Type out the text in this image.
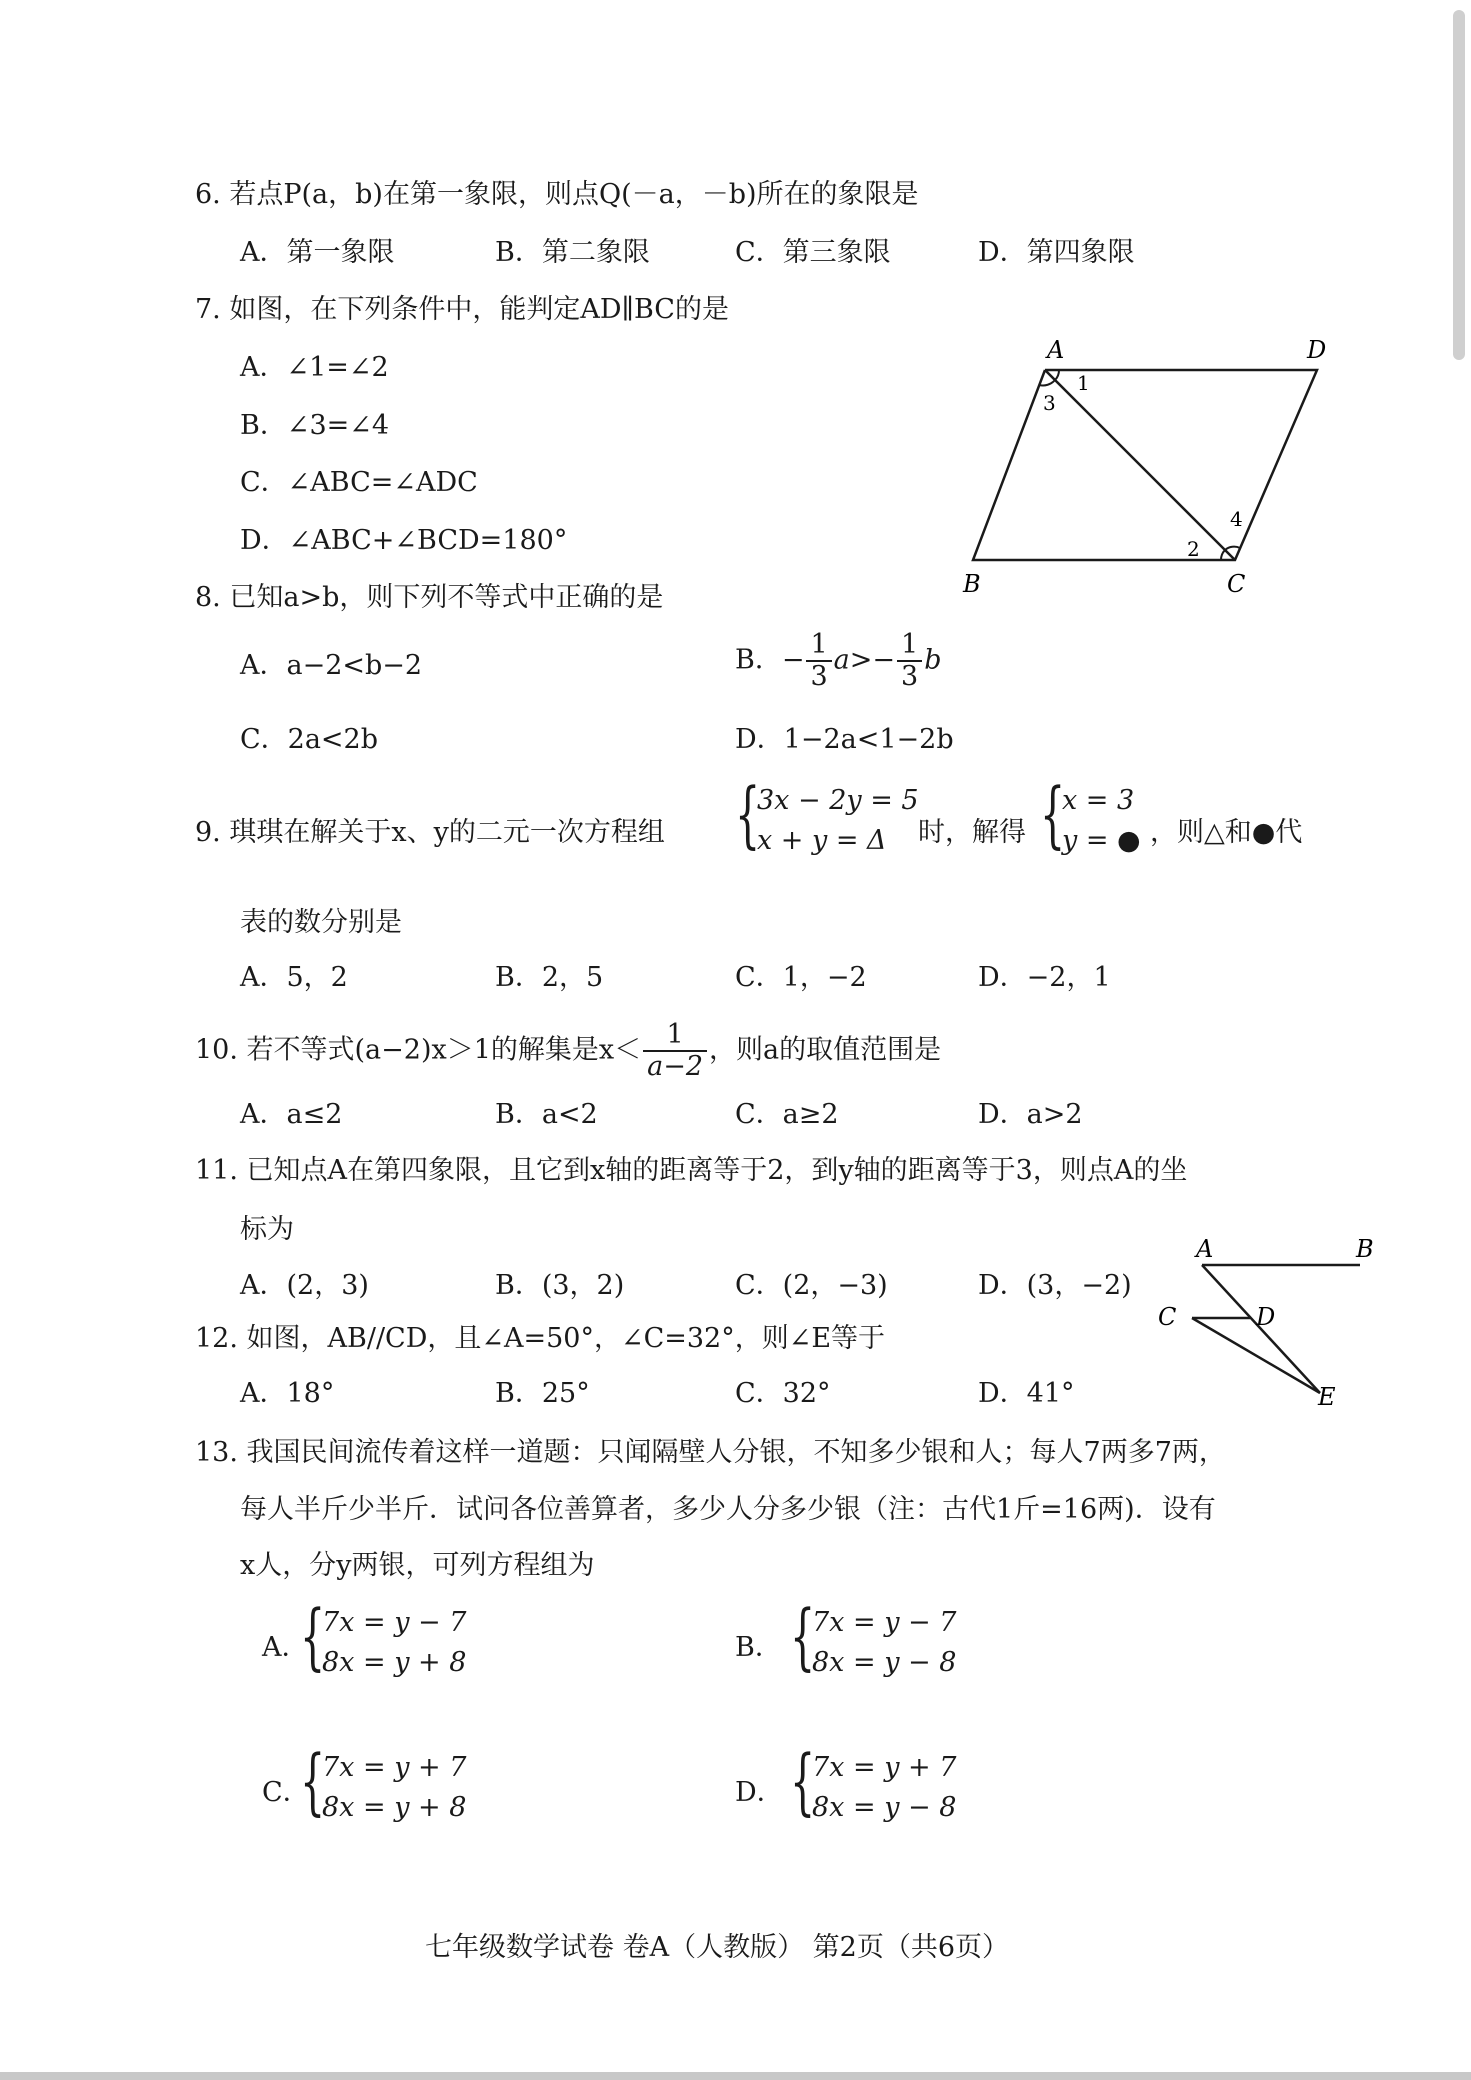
6. 若点P(a，b)在第一象限，则点Q(－a，－b)所在的象限是
A．第一象限	B．第二象限	C．第三象限	D．第四象限
7. 如图，在下列条件中，能判定AD∥BC的是
A．∠1=∠2
B．∠3=∠4
C．∠ABC=∠ADC
D．∠ABC+∠BCD=180°
A	D
B	C
1
3
2
4
8. 已知a>b，则下列不等式中正确的是
A．a−2<b−2	B．− $\frac{1}{3} a>- \frac{1}{3}$ b
C．2a<2b	D．1−2a<1−2b
9. 琪琪在解关于x、y的二元一次方程组 {
3x − 2y = 5
x + y = Δ 时，解得 {
x = 3
y = ● ，则△和●代
表的数分别是
A．5，2	B．2，5	C．1，−2	D．−2，1
10. 若不等式(a−2)x＞1的解集是$x< \frac{1}{a-2}$ ，则a的取值范围是
A．a≤2	B．a<2	C．a≥2	D．a>2
11. 已知点A在第四象限，且它到x轴的距离等于2，到y轴的距离等于3，则点A的坐
标为
A．(2，3)	B．(3，2)	C．(2，−3)	D．(3，−2)
12. 如图，AB//CD，且∠A=50°，∠C=32°，则∠E等于
A．18°	B．25°	C．32°	D．41°
A	B
C	D
E
13. 我国民间流传着这样一道题：只闻隔壁人分银，不知多少银和人；每人7两多7两，
每人半斤少半斤．试问各位善算者，多少人分多少银（注：古代1斤=16两)．设有
x人，分y两银，可列方程组为
A．
{
7x = y − 7
8x = y + 8	B． {
7x = y − 7
8x = y − 8
C．
{
7x = y + 7
8x = y + 8	D． {
7x = y + 7
8x = y − 8
七年级数学试卷 卷A（人教版） 第2页（共6页）
